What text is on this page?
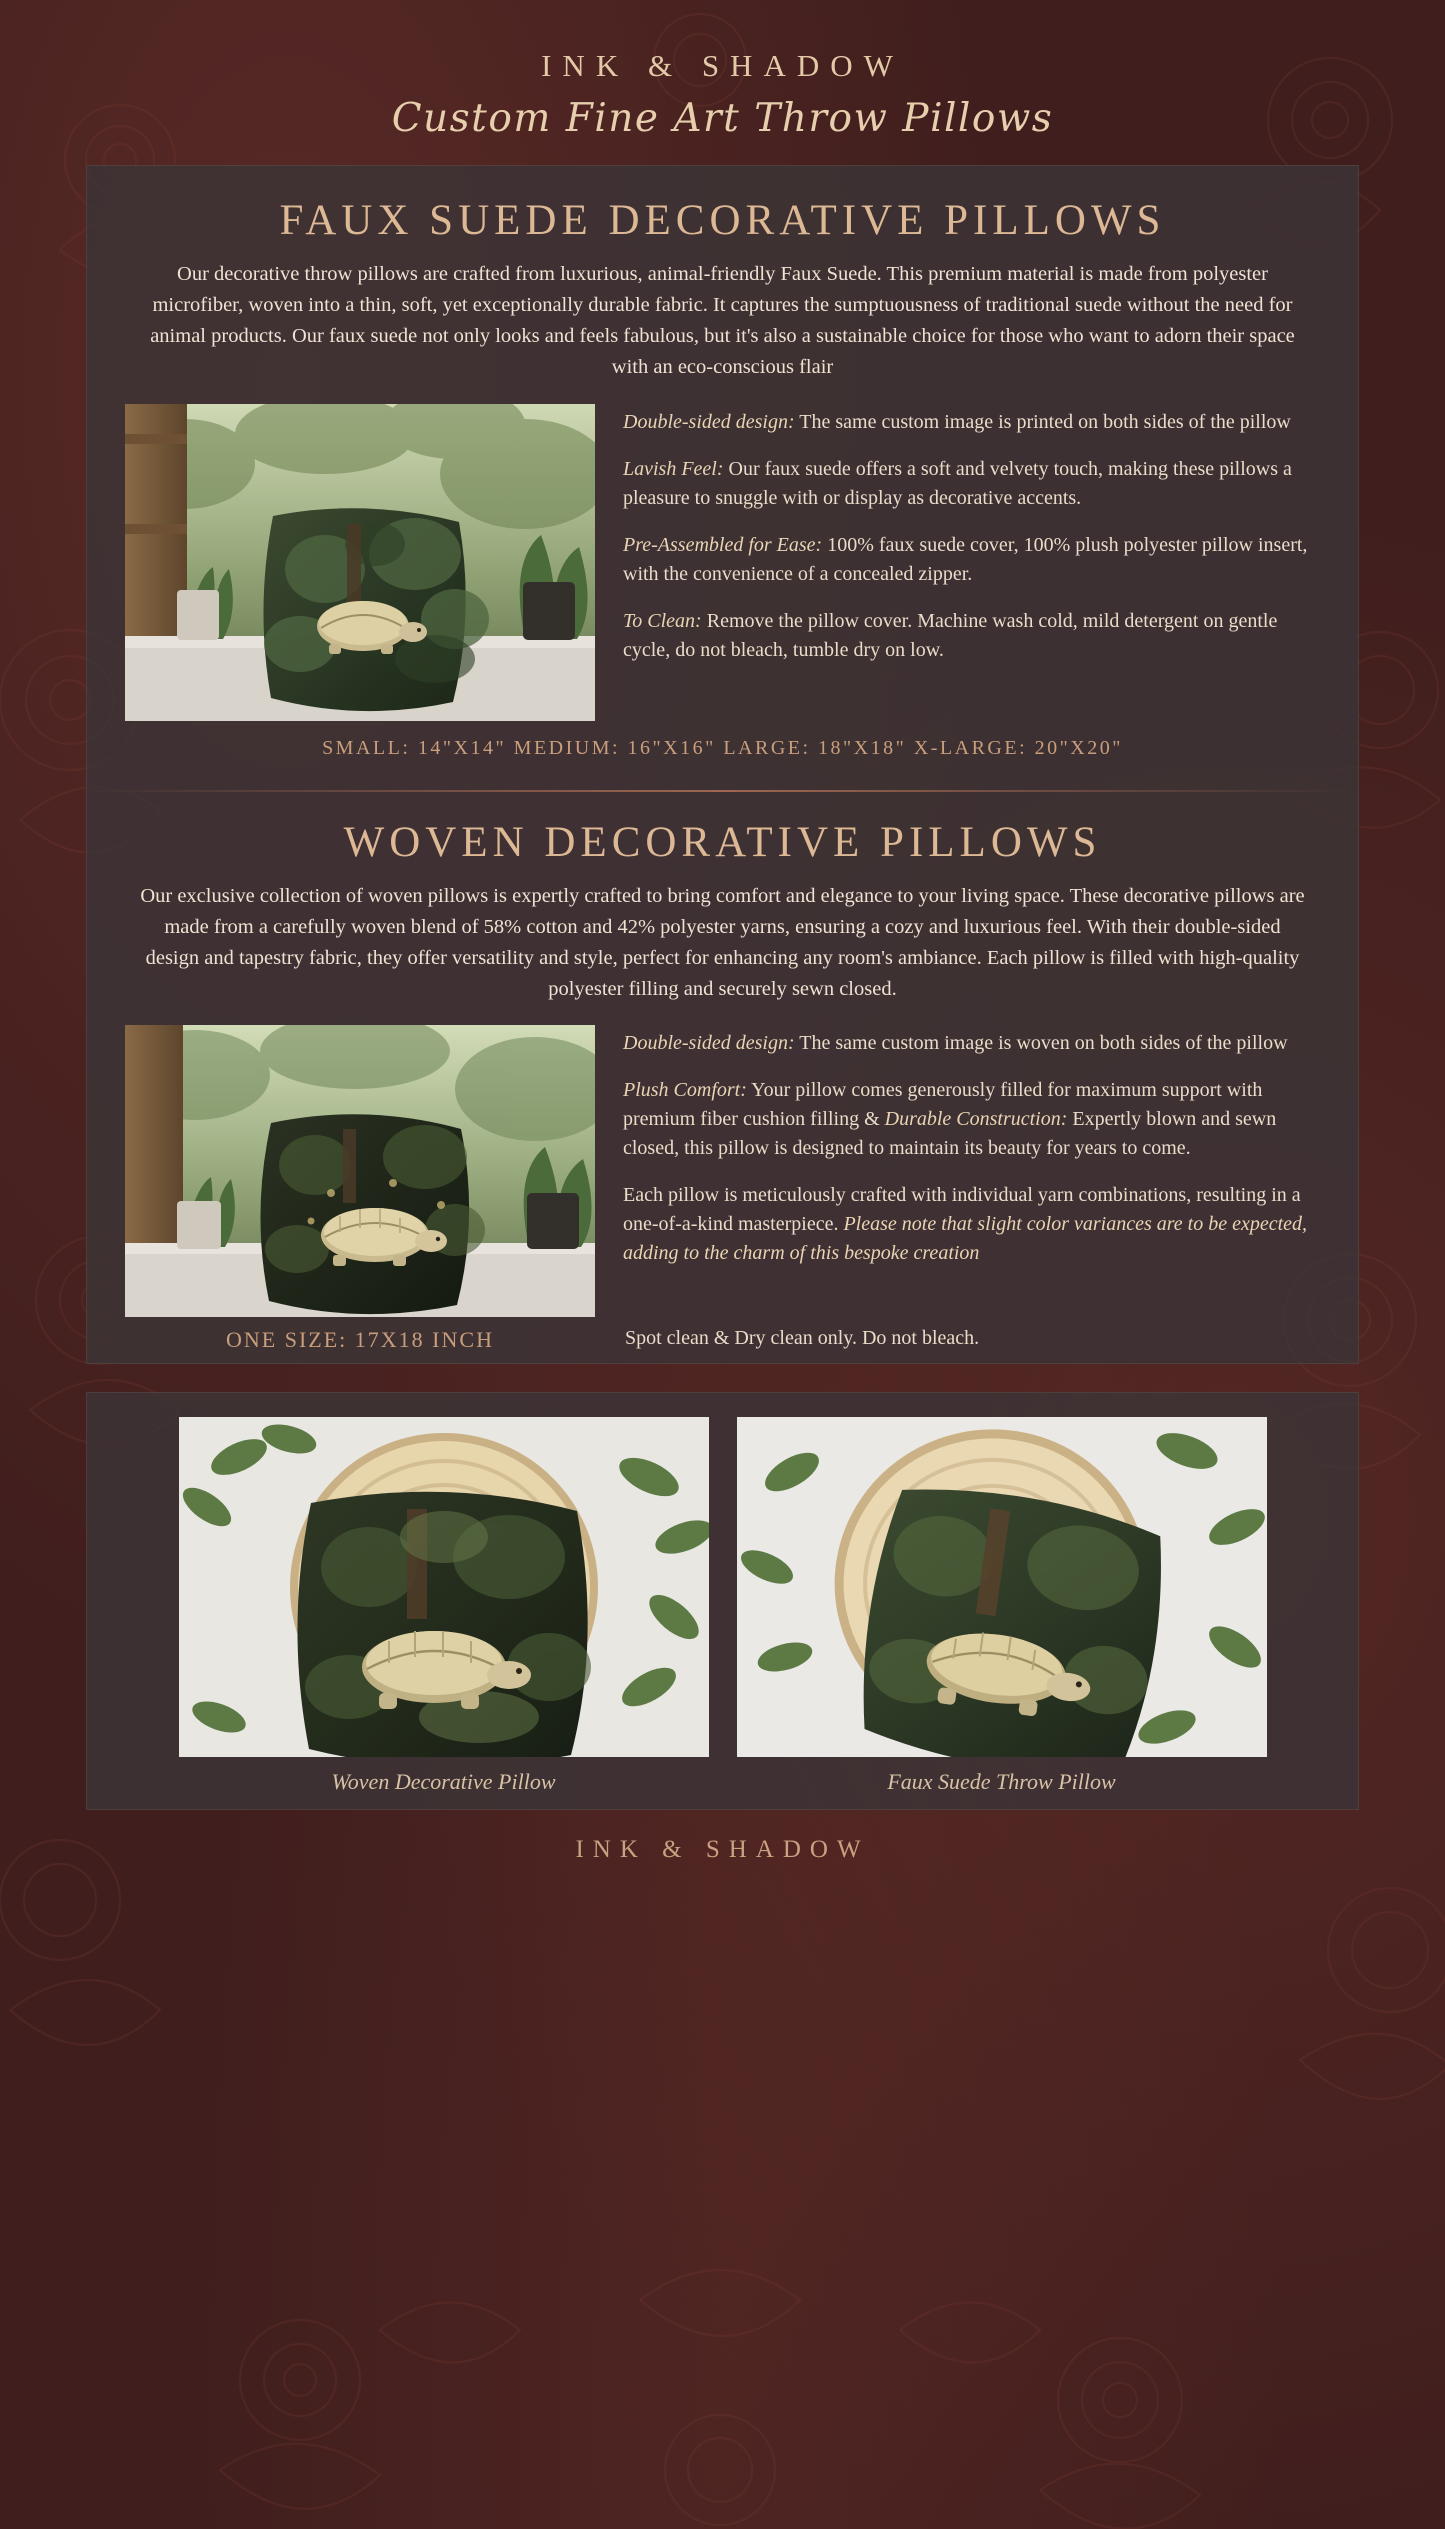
INK & SHADOW
Custom Fine Art Throw Pillows
FAUX SUEDE DECORATIVE PILLOWS

Our decorative throw pillows are crafted from luxurious, animal-friendly Faux Suede. This premium material is made from polyester microfiber, woven into a thin, soft, yet exceptionally durable fabric. It captures the sumptuousness of traditional suede without the need for animal products. Our faux suede not only looks and feels fabulous, but it's also a sustainable choice for those who want to adorn their space with an eco-conscious flair

Double-sided design: The same custom image is printed on both sides of the pillow

Lavish Feel: Our faux suede offers a soft and velvety touch, making these pillows a pleasure to snuggle with or display as decorative accents.

Pre-Assembled for Ease: 100% faux suede cover, 100% plush polyester pillow insert, with the convenience of a concealed zipper.

To Clean: Remove the pillow cover. Machine wash cold, mild detergent on gentle cycle, do not bleach, tumble dry on low.

SMALL: 14"X14" MEDIUM: 16"X16" LARGE: 18"X18" X-LARGE: 20"X20"
WOVEN DECORATIVE PILLOWS

Our exclusive collection of woven pillows is expertly crafted to bring comfort and elegance to your living space. These decorative pillows are made from a carefully woven blend of 58% cotton and 42% polyester yarns, ensuring a cozy and luxurious feel. With their double-sided design and tapestry fabric, they offer versatility and style, perfect for enhancing any room's ambiance. Each pillow is filled with high-quality polyester filling and securely sewn closed.

Double-sided design: The same custom image is woven on both sides of the pillow

Plush Comfort: Your pillow comes generously filled for maximum support with premium fiber cushion filling & Durable Construction: Expertly blown and sewn closed, this pillow is designed to maintain its beauty for years to come.

Each pillow is meticulously crafted with individual yarn combinations, resulting in a one-of-a-kind masterpiece. Please note that slight color variances are to be expected, adding to the charm of this bespoke creation

ONE SIZE: 17X18 INCH	Spot clean & Dry clean only. Do not bleach.
Woven Decorative Pillow	Faux Suede Throw Pillow
INK & SHADOW
